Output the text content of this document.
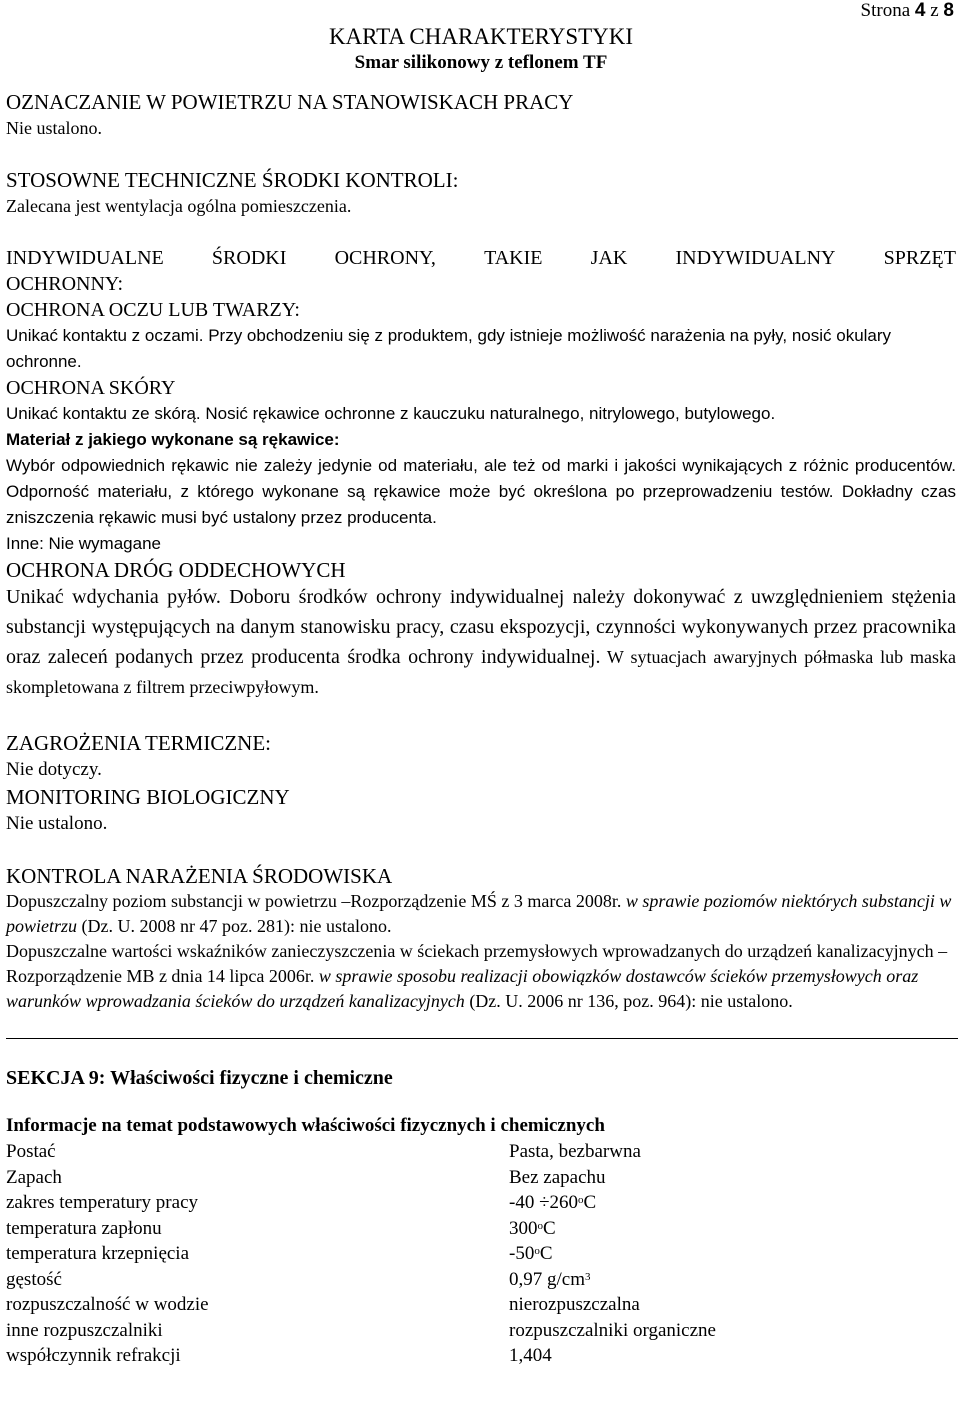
Strona 4 z 8
KARTA CHARAKTERYSTYKI
Smar silikonowy z teflonem TF
OZNACZANIE W POWIETRZU NA STANOWISKACH PRACY
Nie ustalono.
STOSOWNE TECHNICZNE ŚRODKI KONTROLI:
Zalecana jest wentylacja ogólna pomieszczenia.
INDYWIDUALNE ŚRODKI OCHRONY, TAKIE JAK INDYWIDUALNY SPRZĘT
OCHRONNY:
OCHRONA OCZU LUB TWARZY:
Unikać kontaktu z oczami. Przy obchodzeniu się z produktem, gdy istnieje możliwość narażenia na pyły, nosić okulary ochronne.
OCHRONA SKÓRY
Unikać kontaktu ze skórą. Nosić rękawice ochronne z kauczuku naturalnego, nitrylowego, butylowego.
Materiał z jakiego wykonane są rękawice:
Wybór odpowiednich rękawic nie zależy jedynie od materiału, ale też od marki i jakości wynikających z różnic producentów. Odporność materiału, z którego wykonane są rękawice może być określona po przeprowadzeniu testów. Dokładny czas zniszczenia rękawic musi być ustalony przez producenta.
Inne: Nie wymagane
OCHRONA DRÓG ODDECHOWYCH
Unikać wdychania pyłów. Doboru środków ochrony indywidualnej należy dokonywać z uwzględnieniem stężenia substancji występujących na danym stanowisku pracy, czasu ekspozycji, czynności wykonywanych przez pracownika oraz zaleceń podanych przez producenta środka ochrony indywidualnej. W sytuacjach awaryjnych półmaska lub maska skompletowana z filtrem przeciwpyłowym.
ZAGROŻENIA TERMICZNE:
Nie dotyczy.
MONITORING BIOLOGICZNY
Nie ustalono.
KONTROLA NARAŻENIA ŚRODOWISKA
Dopuszczalny poziom substancji w powietrzu –Rozporządzenie MŚ z 3 marca 2008r. w sprawie poziomów niektórych substancji w powietrzu (Dz. U. 2008 nr 47 poz. 281): nie ustalono.
Dopuszczalne wartości wskaźników zanieczyszczenia w ściekach przemysłowych wprowadzanych do urządzeń kanalizacyjnych – Rozporządzenie MB z dnia 14 lipca 2006r. w sprawie sposobu realizacji obowiązków dostawców ścieków przemysłowych oraz warunków wprowadzania ścieków do urządzeń kanalizacyjnych (Dz. U. 2006 nr 136, poz. 964): nie ustalono.
SEKCJA 9: Właściwości fizyczne i chemiczne
Informacje na temat podstawowych właściwości fizycznych i chemicznych
Postać	Pasta, bezbarwna
Zapach	Bez zapachu
zakres temperatury pracy	$-40 \div 260^oC$
temperatura zapłonu	300$^o$C
temperatura krzepnięcia	-50$^o$C
gęstość	0,97 $g/cm^3$
rozpuszczalność w wodzie	nierozpuszczalna
inne rozpuszczalniki	rozpuszczalniki organiczne
współczynnik refrakcji	1,404
